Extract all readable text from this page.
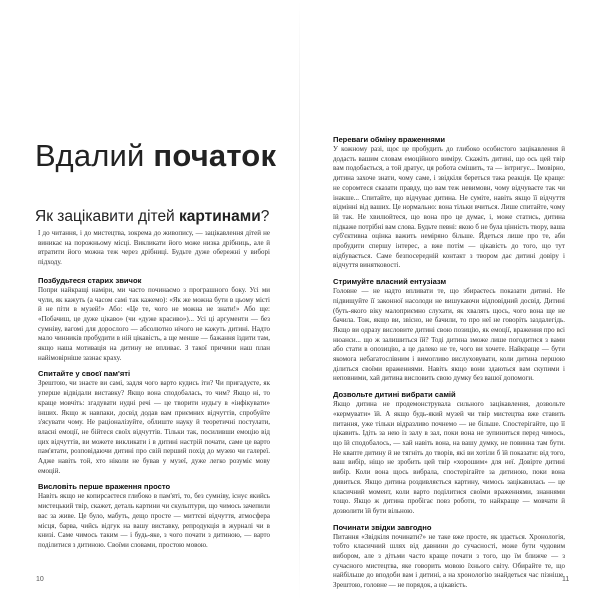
Вдалий початок
Як зацікавити дітей картинами?

І до читання, і до мистецтва, зокрема до живопису, — зацікавлення дітей не виникає на порожньому місці. Викликати його може низка дрібниць, але й втратити його можна теж через дрібниці. Будьте дуже обережні у виборі підходу.

Позбудьтеся старих звичок

Попри найкращі наміри, ми часто починаємо з програшного боку. Усі ми чули, як кажуть (а часом самі так кажемо): «Як же можна бути в цьому місті й не піти в музей!» Або: «Це те, чого не можна не знати!» Або ще: «Побачиш, це дуже цікаво» (чи «дуже красиво»)... Усі ці аргументи — без сумніву, вагомі для дорослого — абсолютно нічого не кажуть дитині. Надто мало чинників пробудити в ній цікавість, а ще менше — бажання іздити там, якщо наша мотивація на дитину не впливає. З такої причини наш план найімовірніше зазнає краху.

Спитайте у своєї пам'яті

Зрештою, чи знаєте ви самі, задля чого варто кудись іти? Чи пригадуєте, як уперше відвідали виставку? Якщо вона сподобалась, то чим? Якщо ні, то краще мовчіть: згадувати нудні речі — це творити нудьгу в «інфікувати» інших. Якщо ж навпаки, досвід додав вам приємних відчуттів, спробуйте з'ясувати чому. Не раціоналізуйте, облиште науку й теоретичні постулати, власні емоції, не бійтеся своїх відчуттів. Тільки так, посиливши емоцію від цих відчуттів, ви можете викликати і в дитині настрій почати, саме це варто пам'ятати, розповідаючи дитині про свій перший похід до музею чи галереї. Адже навіть той, хто ніколи не бував у музеї, дуже легко розуміє мову емоцій.

Висловіть перше враження просто

Навіть якщо не копирсаєтеся глибоко в пам'яті, то, без сумніву, існує якийсь мистецький твір, скажет, деталь картини чи скульптури, що чимось зачепили вас за живе. Це було, мабуть, дещо просте — миттєві відчуття, атмосфера місця, барва, чийсь відгук на вашу виставку, репродукція в журналі чи в книзі. Саме чимось таким — і будь-яке, з чого почати з дитиною, — варто поділитися з дитиною. Своїми словами, простою мовою.

10
Переваги обміну враженнями

У кожному разі, щоє це пробудить до глибоко особистого зацікавлення й додасть вашим словам емоційного виміру. Скажіть дитині, що ось цей твір вам подобається, а той дратує, ця робота смішить, та — інтригує... Імовірно, дитина захоче знати, чому саме, і звідкіля береться така реакція. Це краще: не соромтеся сказати правду, що вам теж невимовн, чому відчуваєте так чи інакше... Спитайте, що відчуває дитина. Не суміте, навіть якщо її відчуття відмінні від ваших. Це нормально: вона тільки вчиться. Лише спитайте, чому їй так. Не хвилюйтеся, що вона про це думає, і, може статись, дитина підкаже потрібні вам слова. Будьте певні: якою б не була цінність твору, ваша суб'єктивна оцінка важить неміряно більше. Йдеться лише про те, аби пробудити спершу інтерес, а вже потім — цікавість до того, що тут відбувається. Саме безпосередній контакт з твором дає дитині довіру і відчуття винятковості.

Стримуйте власний ентузіазм

Головне — не надто впливати те, що збираєтесь показати дитині. Не підвищуйте її законної насолоди не вишукаючи відповідний досвід. Дитині (буть-якого віку малоприємно слухати, як хвалять щось, чого вона ще не бачила. Тож, якщо ви, звісно, не бачили, то про неї не говоріть заздалегідь. Якщо ви одразу висловите дитині свою позицію, як емоції, враження про всі нюанси... що ж залишиться їй? Тоді дитина зможе лише погодитися з вами або стати в опозицію, а це далеко не те, чого ви хочете. Найкраще — бути якомога небагатослівним і вимогливо вислуховувати, коли дитина першою ділиться своїми враженнями. Навіть якщо вони здаються вам скупими і неповними, хай дитина висловить свою думку без вашої допомоги.

Дозвольте дитині вибрати самій

Якщо дитина не продемонструвала сильного зацікавлення, дозвольте «кермувати» їй. А якщо будь-який музей чи твір мистецтва вже ставить питання, уже тільки відразливо почнемо — не більше. Спостерігайте, що її цікавить. Ідіть за нею із залу в зал, поки вона не зупиниться перед чимось, що їй сподобалось, — хай навіть вона, на вашу думку, не повинна там бути. Не квапте дитину й не тягніть до творів, які ви хотіли б їй показати: від того, ваш вибір, ніщо не зробить цей твір «хорошим» для неї. Довірте дитині вибір. Коли вона щось вибрала, спостерігайте за дитиною, поки вона дивиться. Якщо дитина роздивляється картину, чимось зацікавилась — це класичний момент, коли варто поділитися своїми враженнями, знаннями тощо. Якщо ж дитина пробігає повз роботи, то найкраще — мовчати й дозволити їй бути вільною.

Починати звідки завгодно

Питання «Звідкіля починати?» не таке вже просте, як здається. Хронологія, тобто класичний шлях від давнини до сучасності, може бути чудовим вибором, але з дітьми часто краще почати з того, що їм ближче — з сучасного мистецтва, яке говорить мовою їхнього світу. Обирайте те, що найбільше до вподоби вам і дитині, а на хронологію знайдеться час пізніше. Зрештою, головне — не порядок, а цікавість.

11
